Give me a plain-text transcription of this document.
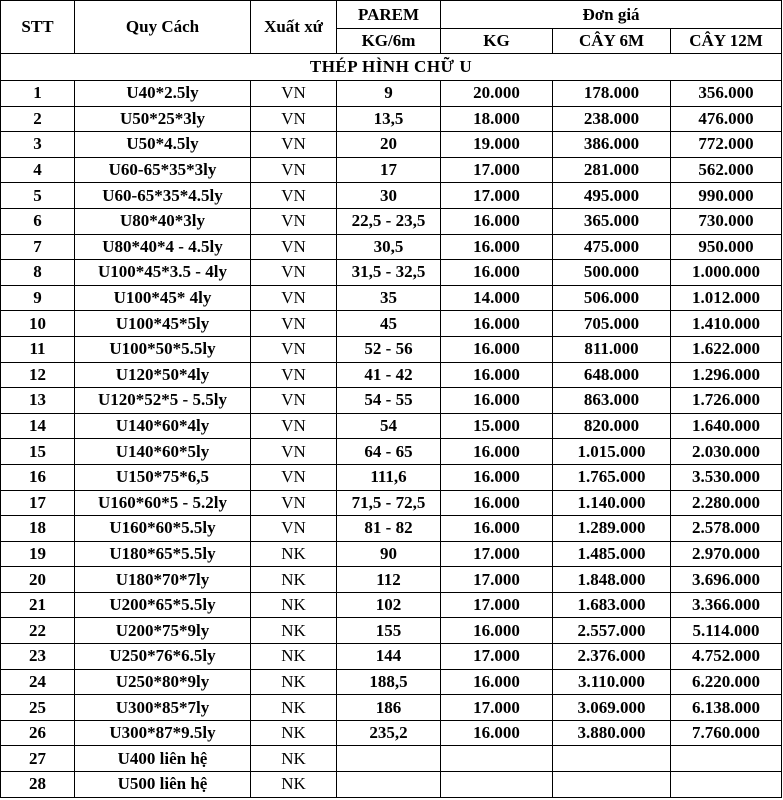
STT	Quy Cách	Xuất xứ	PAREM	Đơn giá		
			KG/6m	KG	CÂY 6M	CÂY 12M
THÉP HÌNH CHỮ U						
1	U40*2.5ly	VN	9	20.000	178.000	356.000
2	U50*25*3ly	VN	13,5	18.000	238.000	476.000
3	U50*4.5ly	VN	20	19.000	386.000	772.000
4	U60-65*35*3ly	VN	17	17.000	281.000	562.000
5	U60-65*35*4.5ly	VN	30	17.000	495.000	990.000
6	U80*40*3ly	VN	22,5 - 23,5	16.000	365.000	730.000
7	U80*40*4 - 4.5ly	VN	30,5	16.000	475.000	950.000
8	U100*45*3.5 - 4ly	VN	31,5 - 32,5	16.000	500.000	1.000.000
9	U100*45* 4ly	VN	35	14.000	506.000	1.012.000
10	U100*45*5ly	VN	45	16.000	705.000	1.410.000
11	U100*50*5.5ly	VN	52 - 56	16.000	811.000	1.622.000
12	U120*50*4ly	VN	41 - 42	16.000	648.000	1.296.000
13	U120*52*5 - 5.5ly	VN	54 - 55	16.000	863.000	1.726.000
14	U140*60*4ly	VN	54	15.000	820.000	1.640.000
15	U140*60*5ly	VN	64 - 65	16.000	1.015.000	2.030.000
16	U150*75*6,5	VN	111,6	16.000	1.765.000	3.530.000
17	U160*60*5 - 5.2ly	VN	71,5 - 72,5	16.000	1.140.000	2.280.000
18	U160*60*5.5ly	VN	81 - 82	16.000	1.289.000	2.578.000
19	U180*65*5.5ly	NK	90	17.000	1.485.000	2.970.000
20	U180*70*7ly	NK	112	17.000	1.848.000	3.696.000
21	U200*65*5.5ly	NK	102	17.000	1.683.000	3.366.000
22	U200*75*9ly	NK	155	16.000	2.557.000	5.114.000
23	U250*76*6.5ly	NK	144	17.000	2.376.000	4.752.000
24	U250*80*9ly	NK	188,5	16.000	3.110.000	6.220.000
25	U300*85*7ly	NK	186	17.000	3.069.000	6.138.000
26	U300*87*9.5ly	NK	235,2	16.000	3.880.000	7.760.000
27	U400 liên hệ	NK				
28	U500 liên hệ	NK				
